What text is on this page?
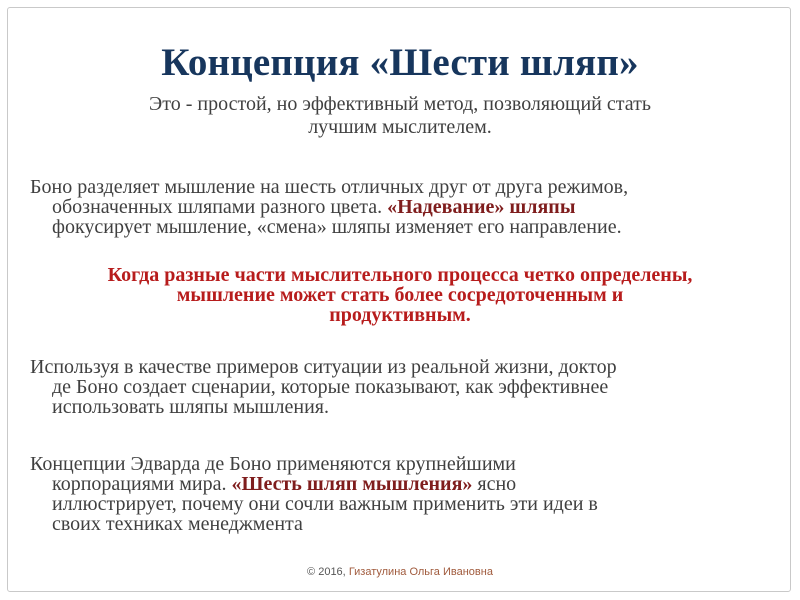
Концепция «Шести шляп»
Это - простой, но эффективный метод, позволяющий стать
лучшим мыслителем.
Боно разделяет мышление на шесть отличных друг от друга режимов,
обозначенных шляпами разного цвета. «Надевание» шляпы
фокусирует мышление, «смена» шляпы изменяет его направление.
Когда разные части мыслительного процесса четко определены,
мышление может стать более сосредоточенным и
продуктивным.
Используя в качестве примеров ситуации из реальной жизни, доктор
де Боно создает сценарии, которые показывают, как эффективнее
использовать шляпы мышления.
Концепции Эдварда де Боно применяются крупнейшими
корпорациями мира. «Шесть шляп мышления» ясно
иллюстрирует, почему они сочли важным применить эти идеи в
своих техниках менеджмента
© 2016, Гизатулина Ольга Ивановна
